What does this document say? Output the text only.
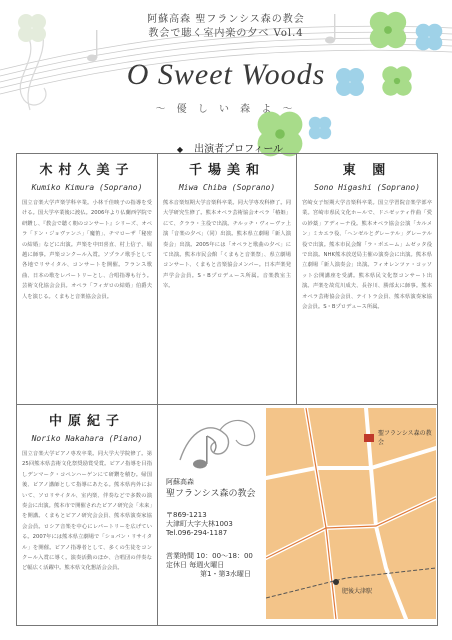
阿蘇高森 聖フランシス森の教会
教会で聴く室内楽の夕べ Vol.4
O Sweet Woods
〜 優 し い 森 よ 〜
◆ 出演者プロフィール
木村久美子
Kumiko Kimura (Soprano)
国立音楽大学声楽学科卒業。小林千佳映子の指導を受ける。国大学卒業後に渡仏。2006年より仏蘭西学院で研鑽し、『教会で聴く朝のコンサート』シリーズ、オペラ「ドン・ジョヴァンニ」「魔笛」、チマローザ「秘密の結婚」などに出演。声楽を中田喜直、村上信子、堀越に師事。声楽コンクール入賞。ソプラノ歌手として各地でリサイタル、コンサートを開催。フランス歌曲、日本の歌をレパートリーとし、合唱指導も行う。芸術文化協会会員。オペラ「フィガロの結婚」伯爵夫人を演じる。くまもと音楽協会会員。
千場美和
Miwa Chiba (Soprano)
熊本音楽短期大学音楽科卒業。同大学専攻科修了。同大学研究生修了。熊本オペラ芸術協会オペラ「椿姫」にて、クララ・主役で出演。チルッチ・ヴィーヴァ上演「音楽の夕べ」（同）出演。熊本県立劇場「新人演奏会」出演。2005年には「オペラと歌曲の夕べ」にて出演。熊本市民会館「くまもと音楽祭」、県立劇場コンサート、くまもと音楽協会メンバー。日本声楽発声学会会員。S・Bプロデュース所属。音楽教室主宰。
東 園
Sono Higashi (Soprano)
宮崎女子短期大学音楽科卒業。国立学習院音楽学部卒業。宮崎市県民文化ホールで、ドニゼッティ作曲「愛の妙薬」アディーナ役。熊本オペラ協会公演「カルメン」ミカエラ役、「ヘンゼルとグレーテル」グレーテル役で出演。熊本市民会館「ラ・ボエーム」ムゼッタ役で出演。NHK熊本放送局主催の演奏会に出演。熊本県立劇場「新人演奏会」出演。フィオレンツァ・コッソット公開講座を受講。熊本県民文化祭コンサート出演。声楽を故荒川成夫、長谷川、勝部太に師事。熊本オペラ芸術協会会員、テイトラ会員、熊本県演奏家協会会員。S・Bプロデュース所属。
中原紀子
Noriko Nakahara (Piano)
国立音楽大学ピアノ専攻卒業。同大学大学院修了。第25回熊本県芸術文化祭奨励賞受賞。ピアノ指導を目指しデンマーク・コペンハーゲンにて研鑽を積む。帰国後、ピアノ講師として指導にあたる。熊本県内外において、ソロリサイタル、室内楽、伴奏などで多数の演奏会に出演。熊本市で開催されたピアノ研究会「未来」を開講。くまもとピアノ研究会会員、熊本県演奏家協会会員。ロシア音楽を中心にレパートリーを広げている。2007年には熊本県立劇場で「ショパン・リサイタル」を開催。ピアノ指導者として、多くの生徒をコンクール入賞に導く。演奏活動のほか、合唱団の伴奏など幅広く活躍中。熊本県文化懇話会会員。

阿蘇高森

聖フランシス森の教会

〒869-1213

大津町大字大林1003

Tel.096-294-1187

営業時間 10：00〜18：00

定休日 毎週火曜日

第1・第3水曜日

聖フランシス森の教会
肥後大津駅
